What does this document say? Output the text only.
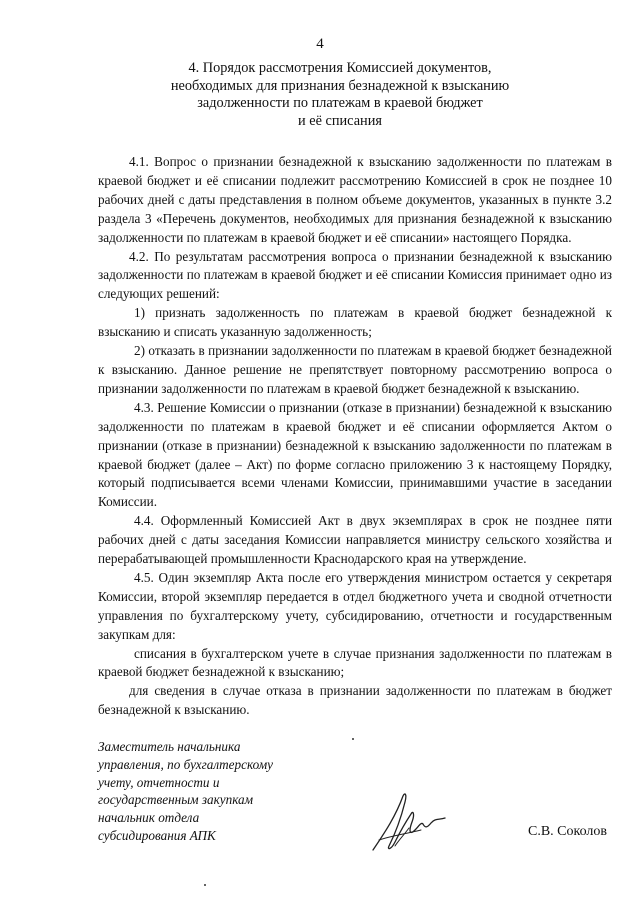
4
4. Порядок рассмотрения Комиссией документов,
необходимых для признания безнадежной к взысканию
задолженности по платежам в краевой бюджет
и её списания

4.1. Вопрос о признании безнадежной к взысканию задолженности по платежам в краевой бюджет и её списании подлежит рассмотрению Комиссией в срок не позднее 10 рабочих дней с даты представления в полном объеме документов, указанных в пункте 3.2 раздела 3 «Перечень документов, необходимых для признания безнадежной к взысканию задолженности по платежам в краевой бюджет и её списании» настоящего Порядка.

4.2. По результатам рассмотрения вопроса о признании безнадежной к взысканию задолженности по платежам в краевой бюджет и её списании Комиссия принимает одно из следующих решений:

1) признать задолженность по платежам в краевой бюджет безнадежной к взысканию и списать указанную задолженность;

2) отказать в признании задолженности по платежам в краевой бюджет безнадежной к взысканию. Данное решение не препятствует повторному рассмотрению вопроса о признании задолженности по платежам в краевой бюджет безнадежной к взысканию.

4.3. Решение Комиссии о признании (отказе в признании) безнадежной к взысканию задолженности по платежам в краевой бюджет и её списании оформляется Актом о признании (отказе в признании) безнадежной к взысканию задолженности по платежам в краевой бюджет (далее – Акт) по форме согласно приложению 3 к настоящему Порядку, который подписывается всеми членами Комиссии, принимавшими участие в заседании Комиссии.

4.4. Оформленный Комиссией Акт в двух экземплярах в срок не позднее пяти рабочих дней с даты заседания Комиссии направляется министру сельского хозяйства и перерабатывающей промышленности Краснодарского края на утверждение.

4.5. Один экземпляр Акта после его утверждения министром остается у секретаря Комиссии, второй экземпляр передается в отдел бюджетного учета и сводной отчетности управления по бухгалтерскому учету, субсидированию, отчетности и государственным закупкам для:

списания в бухгалтерском учете в случае признания задолженности по платежам в краевой бюджет безнадежной к взысканию;

для сведения в случае отказа в признании задолженности по платежам в бюджет безнадежной к взысканию.

Заместитель начальника
управления, по бухгалтерскому
учету, отчетности и
государственным закупкам
начальник отдела
субсидирования АПК	С.В. Соколов
